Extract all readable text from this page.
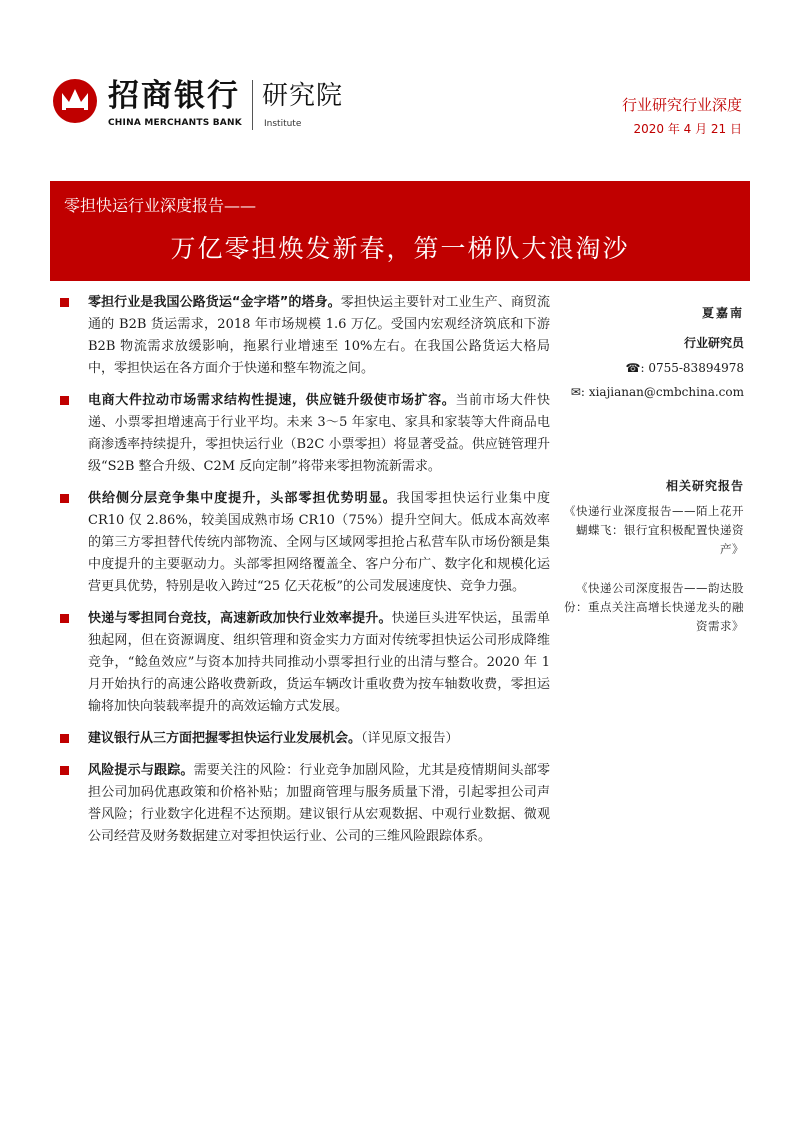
招商银行
CHINA MERCHANTS BANK
研究院
Institute
行业研究行业深度
2020 年 4 月 21 日
零担快运行业深度报告——
万亿零担焕发新春，第一梯队大浪淘沙
零担行业是我国公路货运“金字塔”的塔身。零担快运主要针对工业生产、商贸流通的 B2B 货运需求，2018 年市场规模 1.6 万亿。受国内宏观经济筑底和下游 B2B 物流需求放缓影响，拖累行业增速至 10%左右。在我国公路货运大格局中，零担快运在各方面介于快递和整车物流之间。
电商大件拉动市场需求结构性提速，供应链升级使市场扩容。当前市场大件快递、小票零担增速高于行业平均。未来 3～5 年家电、家具和家装等大件商品电商渗透率持续提升，零担快运行业（B2C 小票零担）将显著受益。供应链管理升级“S2B 整合升级、C2M 反向定制”将带来零担物流新需求。
供给侧分层竞争集中度提升，头部零担优势明显。我国零担快运行业集中度 CR10 仅 2.86%，较美国成熟市场 CR10（75%）提升空间大。低成本高效率的第三方零担替代传统内部物流、全网与区域网零担抢占私营车队市场份额是集中度提升的主要驱动力。头部零担网络覆盖全、客户分布广、数字化和规模化运营更具优势，特别是收入跨过“25 亿天花板”的公司发展速度快、竞争力强。
快递与零担同台竞技，高速新政加快行业效率提升。快递巨头进军快运，虽需单独起网，但在资源调度、组织管理和资金实力方面对传统零担快运公司形成降维竞争，“鲶鱼效应”与资本加持共同推动小票零担行业的出清与整合。2020 年 1 月开始执行的高速公路收费新政，货运车辆改计重收费为按车轴数收费，零担运输将加快向装载率提升的高效运输方式发展。
建议银行从三方面把握零担快运行业发展机会。（详见原文报告）
风险提示与跟踪。需要关注的风险：行业竞争加剧风险，尤其是疫情期间头部零担公司加码优惠政策和价格补贴；加盟商管理与服务质量下滑，引起零担公司声誉风险；行业数字化进程不达预期。建议银行从宏观数据、中观行业数据、微观公司经营及财务数据建立对零担快运行业、公司的三维风险跟踪体系。
夏嘉南
行业研究员
☎: 0755-83894978
✉: xiajianan@cmbchina.com
相关研究报告
《快递行业深度报告——陌上花开蝴蝶飞：银行宜积极配置快递资产》
《快递公司深度报告——韵达股份：重点关注高增长快递龙头的融资需求》
